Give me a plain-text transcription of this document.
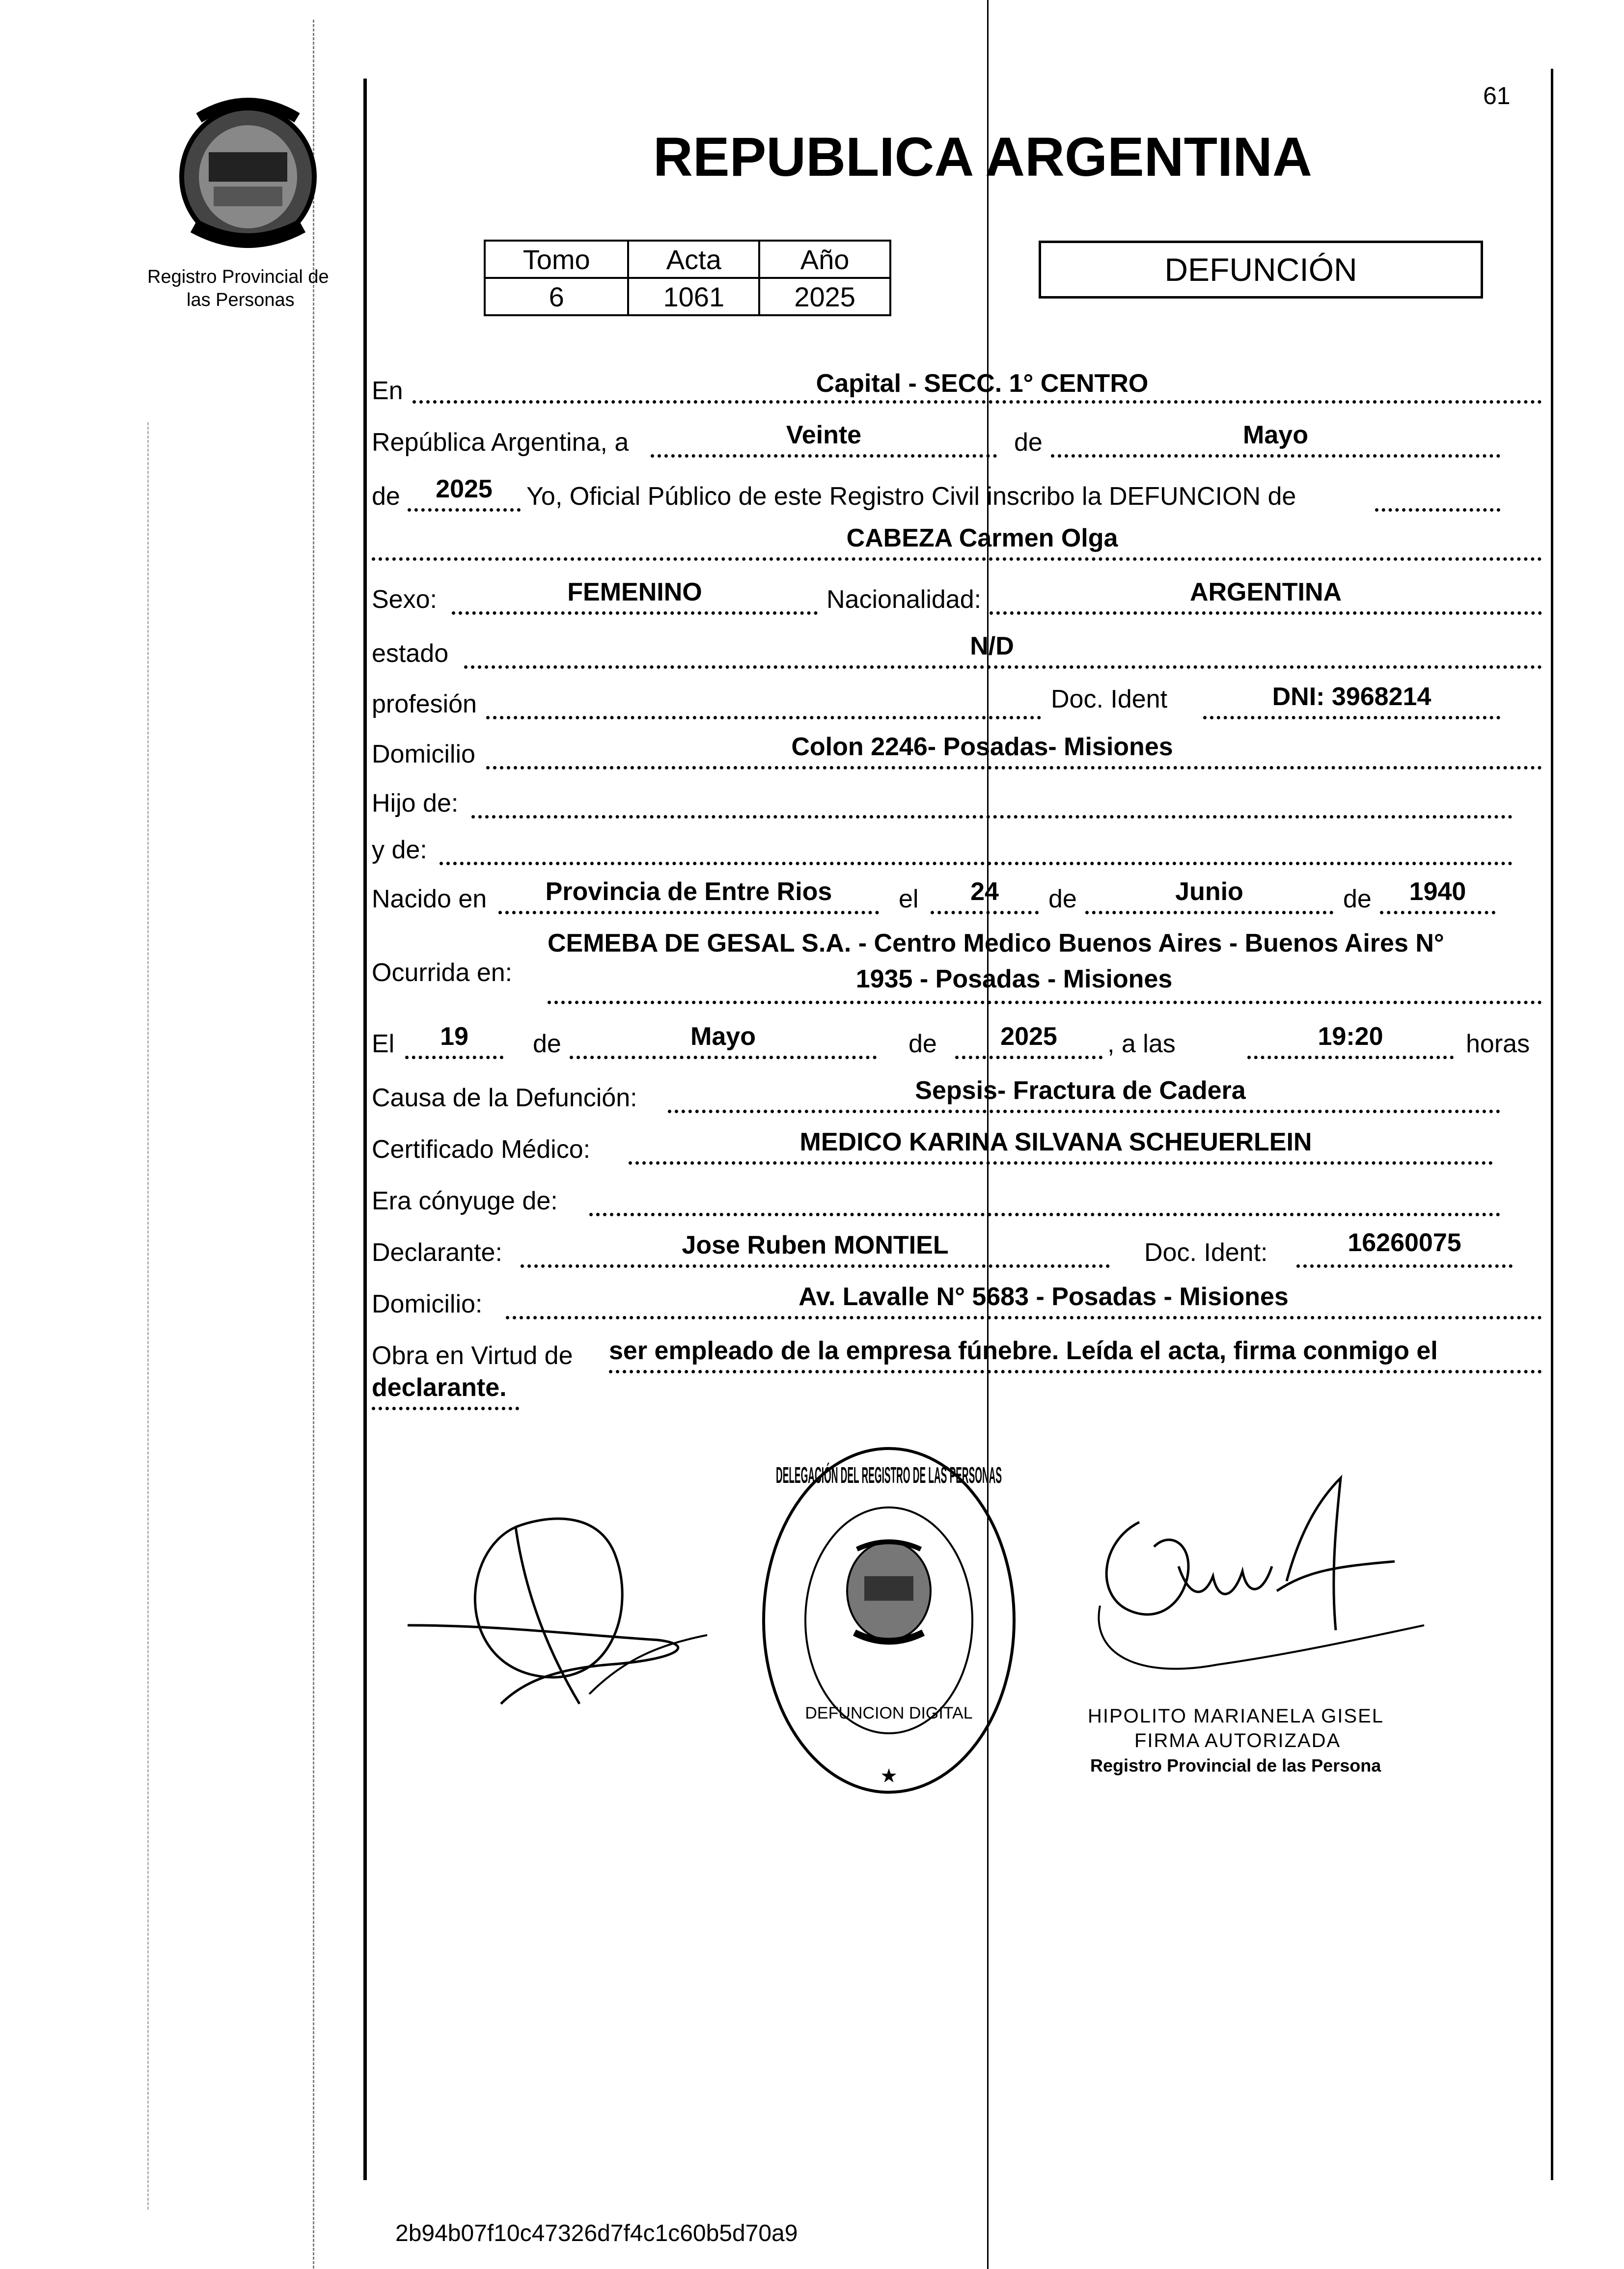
61
Registro Provincial de
las Personas
REPUBLICA ARGENTINA
Tomo	Acta	Año
6	1061	2025
DEFUNCIÓN
En	Capital - SECC. 1° CENTRO
República Argentina, a	Veinte	de	Mayo
de	2025	Yo, Oficial Público de este Registro Civil inscribo la DEFUNCION de
CABEZA Carmen Olga
Sexo:	FEMENINO	Nacionalidad:	ARGENTINA
estado	N/D
profesión	Doc. Ident	DNI: 3968214
Domicilio	Colon 2246- Posadas- Misiones
Hijo de:
y de:
Nacido en	Provincia de Entre Rios	el	24	de	Junio	de	1940
Ocurrida en:
CEMEBA DE GESAL S.A. - Centro Medico Buenos Aires - Buenos Aires N°
1935 - Posadas - Misiones
El	19	de	Mayo	de	2025	, a las	19:20	horas
Causa de la Defunción:	Sepsis- Fractura de Cadera
Certificado Médico:	MEDICO KARINA SILVANA SCHEUERLEIN
Era cónyuge de:
Declarante:	Jose Ruben MONTIEL	Doc. Ident:	16260075
Domicilio:	Av. Lavalle N° 5683 - Posadas - Misiones
Obra en Virtud de ser empleado de la empresa fúnebre. Leída el acta, firma conmigo el
declarante.
DEFUNCION DIGITAL
DELEGACIÓN DEL REGISTRO DE LAS PERSONAS
★
HIPOLITO MARIANELA GISEL
FIRMA AUTORIZADA
Registro Provincial de las Persona
2b94b07f10c47326d7f4c1c60b5d70a9
